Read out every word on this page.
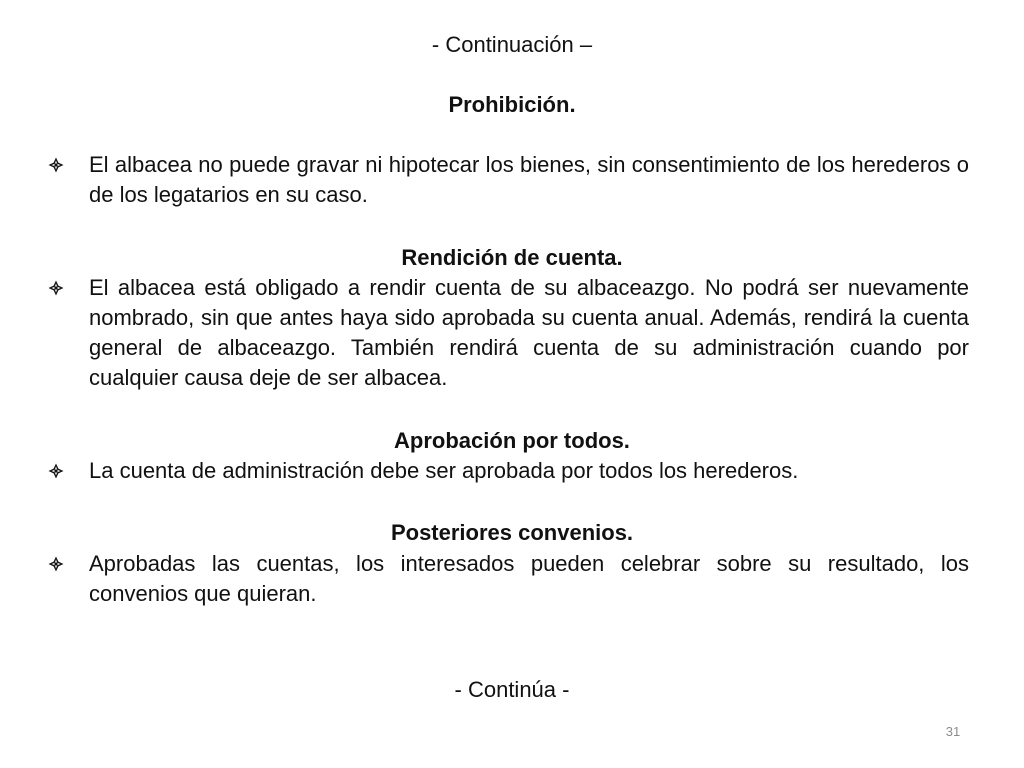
- Continuación –
Prohibición.
El albacea no puede gravar ni hipotecar los bienes, sin consentimiento de los herederos o de los legatarios en su caso.
Rendición de cuenta.
El albacea está obligado a rendir cuenta de su albaceazgo. No podrá ser nuevamente nombrado, sin que antes haya sido aprobada su cuenta anual. Además, rendirá la cuenta general de albaceazgo. También rendirá cuenta de su administración cuando por cualquier causa deje de ser albacea.
Aprobación por todos.
La cuenta de administración debe ser aprobada por todos los herederos.
Posteriores convenios.
Aprobadas las cuentas, los interesados pueden celebrar sobre su resultado, los convenios que quieran.
- Continúa -
31
